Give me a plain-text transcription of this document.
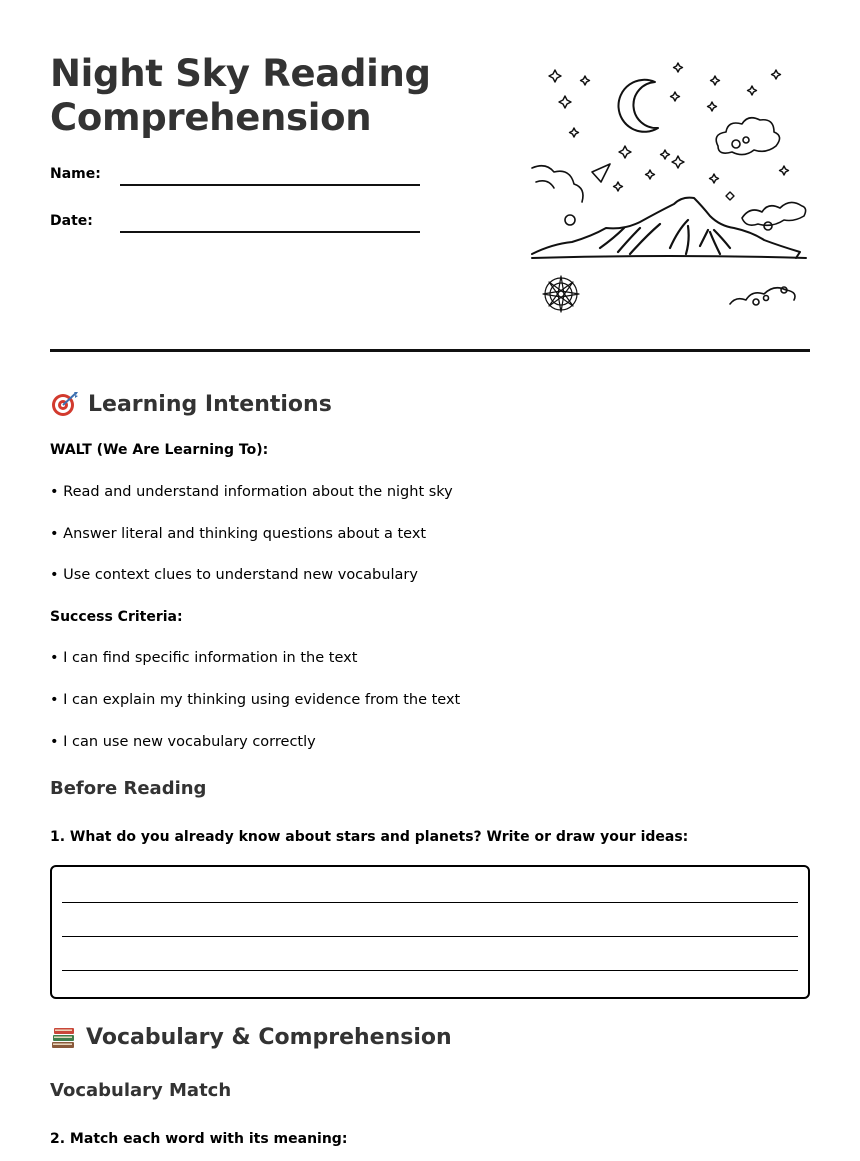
Night Sky Reading Comprehension
Name:
Date:
Learning Intentions
WALT (We Are Learning To):
• Read and understand information about the night sky
• Answer literal and thinking questions about a text
• Use context clues to understand new vocabulary
Success Criteria:
• I can find specific information in the text
• I can explain my thinking using evidence from the text
• I can use new vocabulary correctly
Before Reading
1. What do you already know about stars and planets? Write or draw your ideas:
Vocabulary & Comprehension
Vocabulary Match
2. Match each word with its meaning:
